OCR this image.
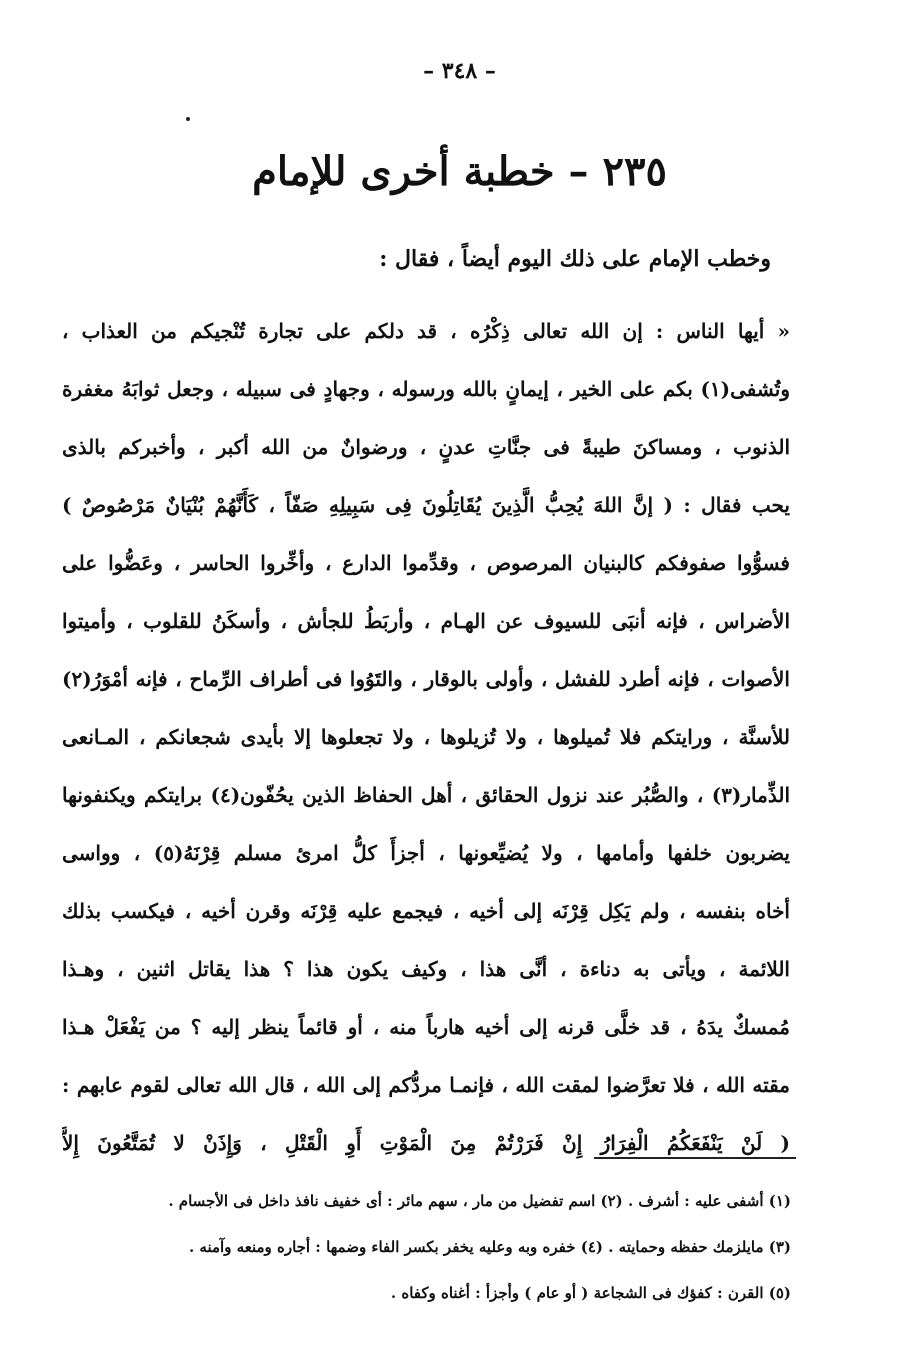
– ٣٤٨ –
٢٣٥ – خطبة أخرى للإمام
وخطب الإمام على ذلك اليوم أيضاً ، فقال :
« أيها الناس : إن الله تعالى ذِكْرُه ، قد دلكم على تجارة تُنْجيكم من العذاب ،
وتُشفى(١) بكم على الخير ، إيمانٍ بالله ورسوله ، وجهادٍ فى سبيله ، وجعل ثوابَهُ مغفرة
الذنوب ، ومساكنَ طيبةً فى جنَّاتِ عدنٍ ، ورضوانٌ من الله أكبر ، وأخبركم بالذى
يحب فقال : ( إنَّ اللهَ يُحِبُّ الَّذِينَ يُقَاتِلُونَ فِى سَبِيلِهِ صَفّاً ، كَأَنَّهُمْ بُنْيَانٌ مَرْصُوصٌ )
فسوُّوا صفوفكم كالبنيان المرصوص ، وقدِّموا الدارع ، وأخِّروا الحاسر ، وعَضُّوا على
الأضراس ، فإنه أنبَى للسيوف عن الهـام ، وأربَطُ للجأش ، وأسكَنُ للقلوب ، وأميتوا
الأصوات ، فإنه أطرد للفشل ، وأولى بالوقار ، والتَوُوا فى أطراف الرِّماح ، فإنه أمْوَرُ(٢)
للأسنَّة ، ورايتكم فلا تُميلوها ، ولا تُزيلوها ، ولا تجعلوها إلا بأيدى شجعانكم ، المـانعى
الذِّمار(٣) ، والصُّبُر عند نزول الحقائق ، أهل الحفاظ الذين يحُفّون(٤) برايتكم ويكنفونها
يضربون خلفها وأمامها ، ولا يُضيِّعونها ، أجزأَ كلُّ امرئ مسلم قِرْنَهُ(٥) ، وواسى
أخاه بنفسه ، ولم يَكِل قِرْنَه إلى أخيه ، فيجمع عليه قِرْنَه وقرن أخيه ، فيكسب بذلك
اللائمة ، ويأتى به دناءة ، أنَّى هذا ، وكيف يكون هذا ؟ هذا يقاتل اثنين ، وهـذا
مُمسكٌ يدَهُ ، قد خلَّى قرنه إلى أخيه هارباً منه ، أو قائماً ينظر إليه ؟ من يَفْعَلْ هـذا
مقته الله ، فلا تعرَّضوا لمقت الله ، فإنمـا مردُّكم إلى الله ، قال الله تعالى لقوم عابهم :
( لَنْ يَنْفَعَكُمُ الْفِرَارُ إِنْ فَرَرْتُمْ مِنَ الْمَوْتِ أَوِ الْقَتْلِ ، وَإِذَنْ لا تُمَتَّعُونَ إِلاَّ
(١) أشفى عليه : أشرف . (٢) اسم تفضيل من مار ، سهم مائر : أى خفيف نافذ داخل فى الأجسام .
(٣) مايلزمك حفظه وحمايته . (٤) خفره وبه وعليه يخفر بكسر الفاء وضمها : أجاره ومنعه وآمنه .
(٥) القرن : كفؤك فى الشجاعة ( أو عام ) وأجزأ : أغناه وكفاه .
